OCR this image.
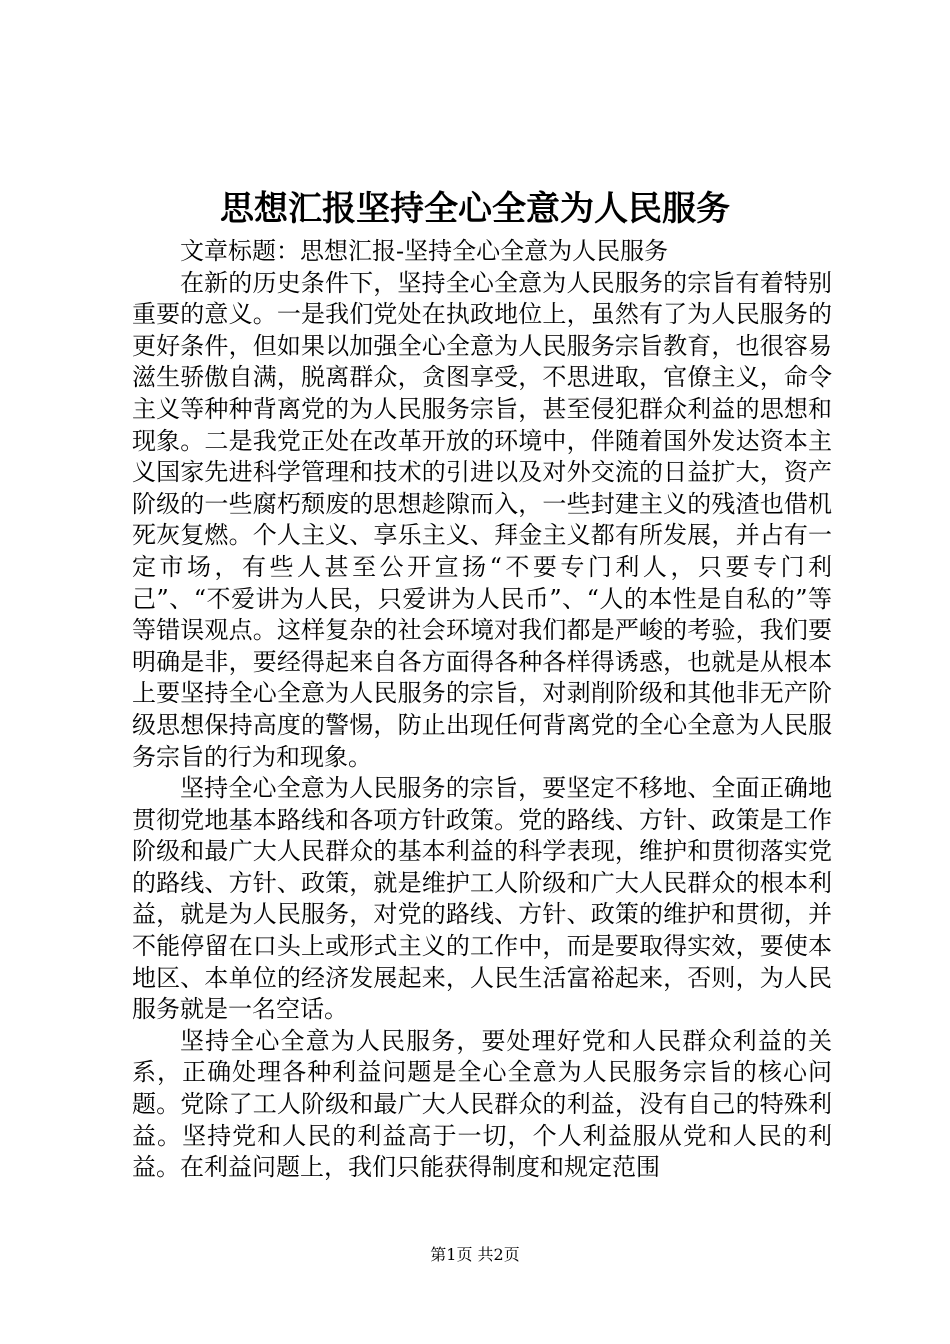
思想汇报坚持全心全意为人民服务

文章标题：思想汇报-坚持全心全意为人民服务

在新的历史条件下，坚持全心全意为人民服务的宗旨有着特别重要的意义。一是我们党处在执政地位上，虽然有了为人民服务的更好条件，但如果以加强全心全意为人民服务宗旨教育，也很容易滋生骄傲自满，脱离群众，贪图享受，不思进取，官僚主义，命令主义等种种背离党的为人民服务宗旨，甚至侵犯群众利益的思想和现象。二是我党正处在改革开放的环境中，伴随着国外发达资本主义国家先进科学管理和技术的引进以及对外交流的日益扩大，资产阶级的一些腐朽颓废的思想趁隙而入，一些封建主义的残渣也借机死灰复燃。个人主义、享乐主义、拜金主义都有所发展，并占有一定市场，有些人甚至公开宣扬“不要专门利人，只要专门利己”、“不爱讲为人民，只爱讲为人民币”、“人的本性是自私的”等等错误观点。这样复杂的社会环境对我们都是严峻的考验，我们要明确是非，要经得起来自各方面得各种各样得诱惑，也就是从根本上要坚持全心全意为人民服务的宗旨，对剥削阶级和其他非无产阶级思想保持高度的警惕，防止出现任何背离党的全心全意为人民服务宗旨的行为和现象。

坚持全心全意为人民服务的宗旨，要坚定不移地、全面正确地贯彻党地基本路线和各项方针政策。党的路线、方针、政策是工作阶级和最广大人民群众的基本利益的科学表现，维护和贯彻落实党的路线、方针、政策，就是维护工人阶级和广大人民群众的根本利益，就是为人民服务，对党的路线、方针、政策的维护和贯彻，并不能停留在口头上或形式主义的工作中，而是要取得实效，要使本地区、本单位的经济发展起来，人民生活富裕起来，否则，为人民服务就是一名空话。

坚持全心全意为人民服务，要处理好党和人民群众利益的关系，正确处理各种利益问题是全心全意为人民服务宗旨的核心问题。党除了工人阶级和最广大人民群众的利益，没有自己的特殊利益。坚持党和人民的利益高于一切，个人利益服从党和人民的利益。在利益问题上，我们只能获得制度和规定范围

第1页 共2页
